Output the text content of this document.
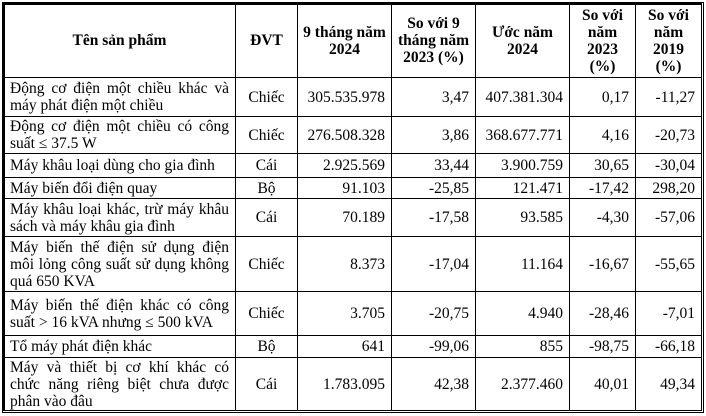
Tên sản phẩm	ĐVT	9 tháng năm 2024	So với 9 tháng năm 2023 (%)	Ước năm 2024	So với năm 2023 (%)	So với năm 2019 (%)
Động cơ điện một chiều khác và máy phát điện một chiều	Chiếc	305.535.978	3,47	407.381.304	0,17	-11,27
Động cơ điện một chiều có công suất ≤ 37.5 W	Chiếc	276.508.328	3,86	368.677.771	4,16	-20,73
Máy khâu loại dùng cho gia đình	Cái	2.925.569	33,44	3.900.759	30,65	-30,04
Máy biến đổi điện quay	Bộ	91.103	-25,85	121.471	-17,42	298,20
Máy khâu loại khác, trừ máy khâu sách và máy khâu gia đình	Cái	70.189	-17,58	93.585	-4,30	-57,06
Máy biến thế điện sử dụng điện môi lỏng công suất sử dụng không quá 650 KVA	Chiếc	8.373	-17,04	11.164	-16,67	-55,65
Máy biến thế điện khác có công suất > 16 kVA nhưng ≤ 500 kVA	Chiếc	3.705	-20,75	4.940	-28,46	-7,01
Tổ máy phát điện khác	Bộ	641	-99,06	855	-98,75	-66,18
Máy và thiết bị cơ khí khác có chức năng riêng biệt chưa được phân vào đâu	Cái	1.783.095	42,38	2.377.460	40,01	49,34
